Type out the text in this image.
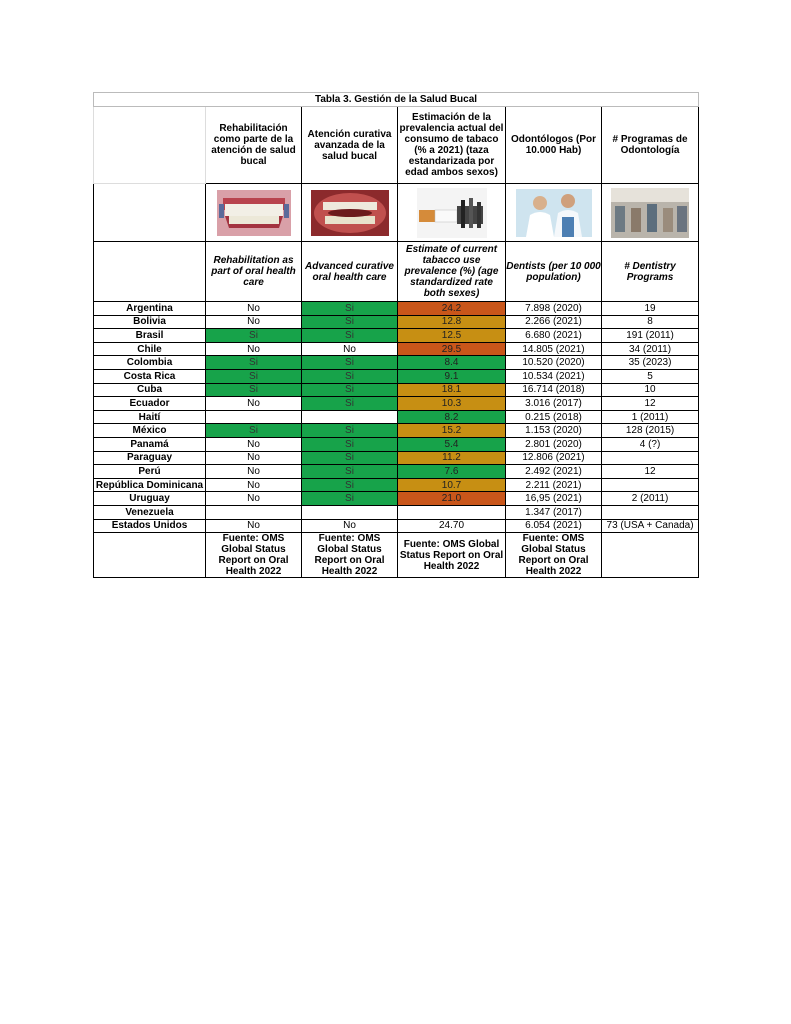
Tabla 3. Gestión de la Salud Bucal					
	Rehabilitación como parte de la atención de salud bucal	Atención curativa avanzada de la salud bucal	Estimación de la prevalencia actual del consumo de tabaco (% a 2021) (taza estandarizada por edad ambos sexos)	Odontólogos (Por 10.000 Hab)	# Programas de Odontología

	Rehabilitation as part of oral health care	Advanced curative oral health care	Estimate of current tabacco use prevalence (%) (age standardized rate both sexes)	Dentists (per 10 000 population)	# Dentistry Programs
Argentina	No	Si	24.2	7.898 (2020)	19
Bolivia	No	Si	12.8	2.266 (2021)	8
Brasil	Si	Si	12.5	6.680 (2021)	191 (2011)
Chile	No	No	29.5	14.805 (2021)	34 (2011)
Colombia	Si	Si	8.4	10.520 (2020)	35 (2023)
Costa Rica	Si	Si	9.1	10.534 (2021)	5
Cuba	Si	Si	18.1	16.714 (2018)	10
Ecuador	No	Si	10.3	3.016 (2017)	12
Haití			8.2	0.215 (2018)	1 (2011)
México	Si	Si	15.2	1.153 (2020)	128 (2015)
Panamá	No	Si	5.4	2.801 (2020)	4 (?)
Paraguay	No	Si	11.2	12.806 (2021)	
Perú	No	Si	7.6	2.492 (2021)	12
República Dominicana	No	Si	10.7	2.211 (2021)	
Uruguay	No	Si	21.0	16,95 (2021)	2 (2011)
Venezuela				1.347 (2017)	
Estados Unidos	No	No	24.70	6.054 (2021)	73 (USA + Canada)
	Fuente: OMS Global Status Report on Oral Health 2022	Fuente: OMS Global Status Report on Oral Health 2022	Fuente: OMS Global Status Report on Oral Health 2022	Fuente: OMS Global Status Report on Oral Health 2022	
